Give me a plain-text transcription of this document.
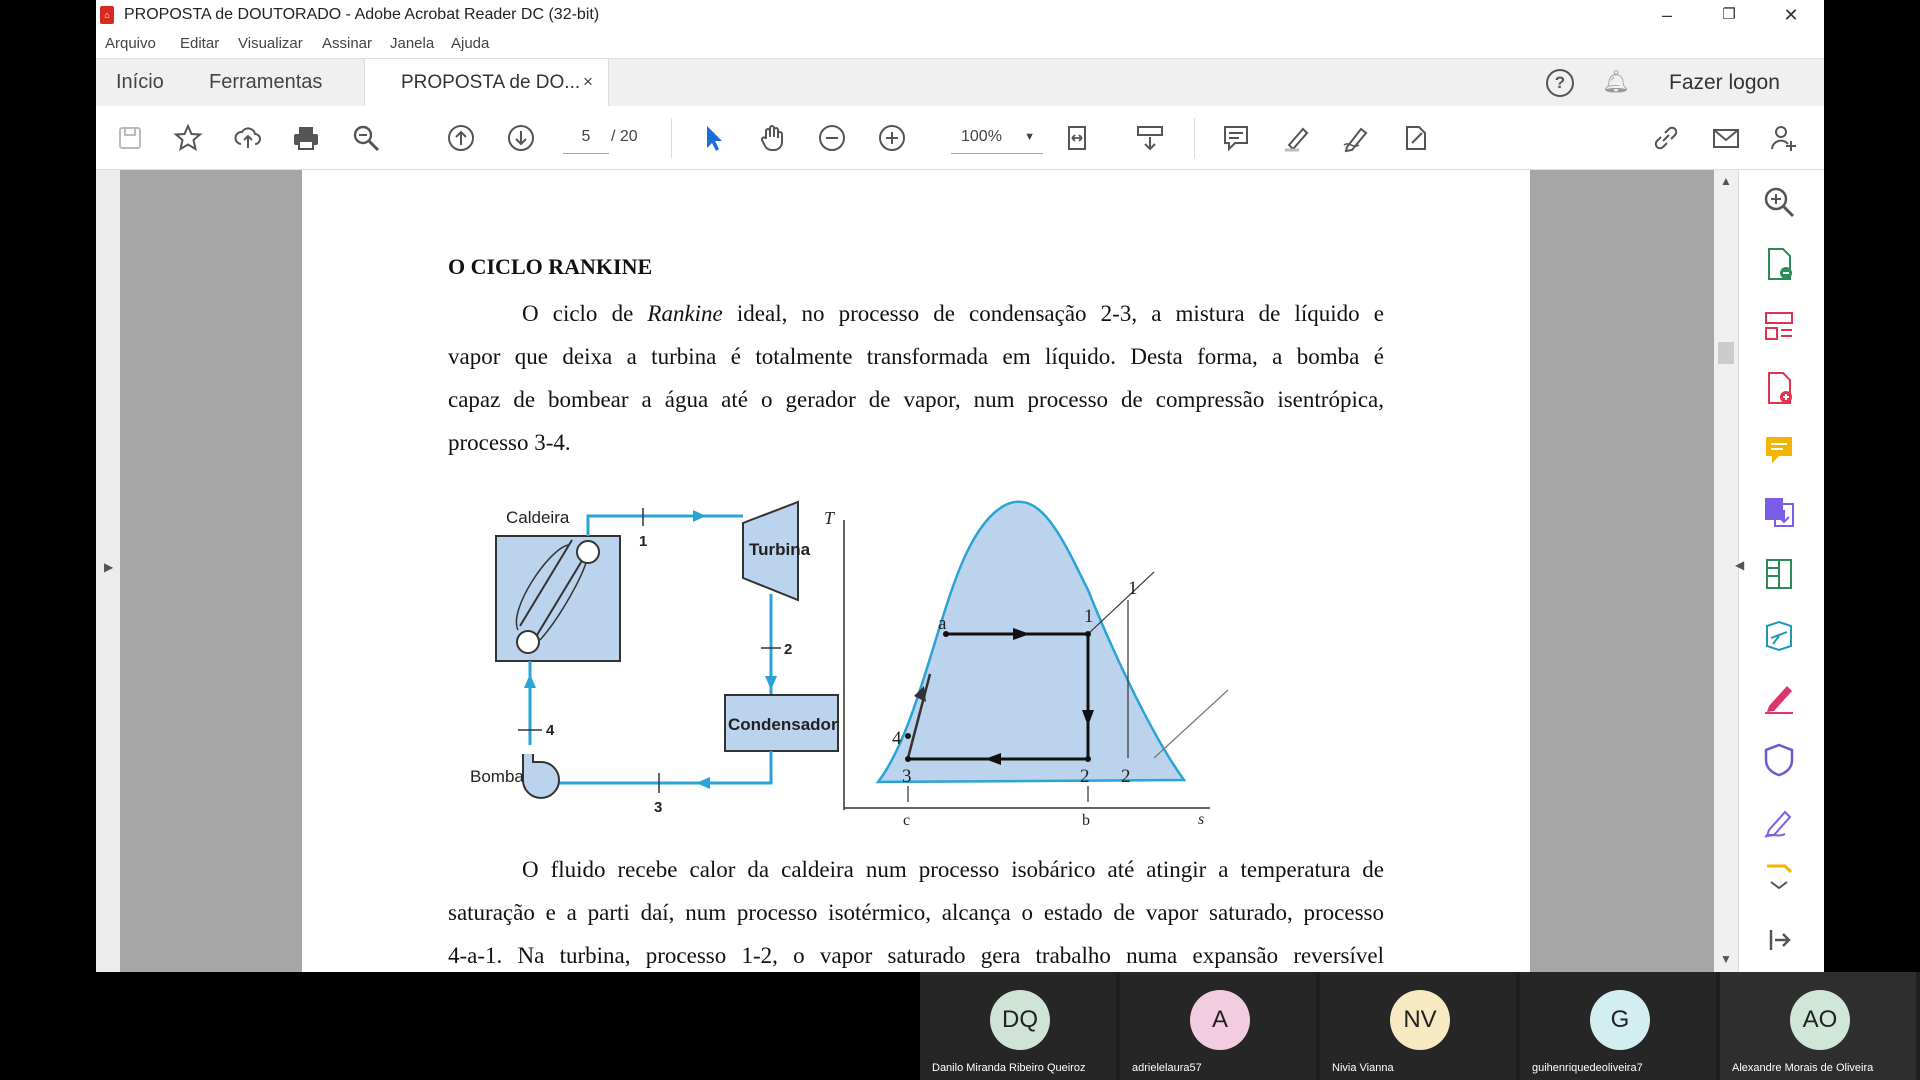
⌂ PROPOSTA de DOUTORADO - Adobe Acrobat Reader DC (32-bit)	–	❐	✕
Arquivo Editar Visualizar Assinar Janela Ajuda
Início Ferramentas	PROPOSTA de DO... ×	?	🔔︎ Fazer logon
5	/ 20	100% ▼
▶
O CICLO RANKINE
O ciclo de Rankine ideal, no processo de condensação 2-3, a mistura de líquido e
vapor que deixa a turbina é totalmente transformada em líquido. Desta forma, a bomba é
capaz de bombear a água até o gerador de vapor, num processo de compressão isentrópica,
processo 3-4.
Caldeira
Turbina
Condensador
Bomba
1
2
3
4
T
s
a
b
c
1
1
2 2
3
4
O fluido recebe calor da caldeira num processo isobárico até atingir a temperatura de
saturação e a parti daí, num processo isotérmico, alcança o estado de vapor saturado, processo
4-a-1. Na turbina, processo 1-2, o vapor saturado gera trabalho numa expansão reversível
▲
▼
◀
DQ
Danilo Miranda Ribeiro Queiroz
A
adrielelaura57
NV
Nivia Vianna
G
guihenriquedeoliveira7
AO
Alexandre Morais de Oliveira
